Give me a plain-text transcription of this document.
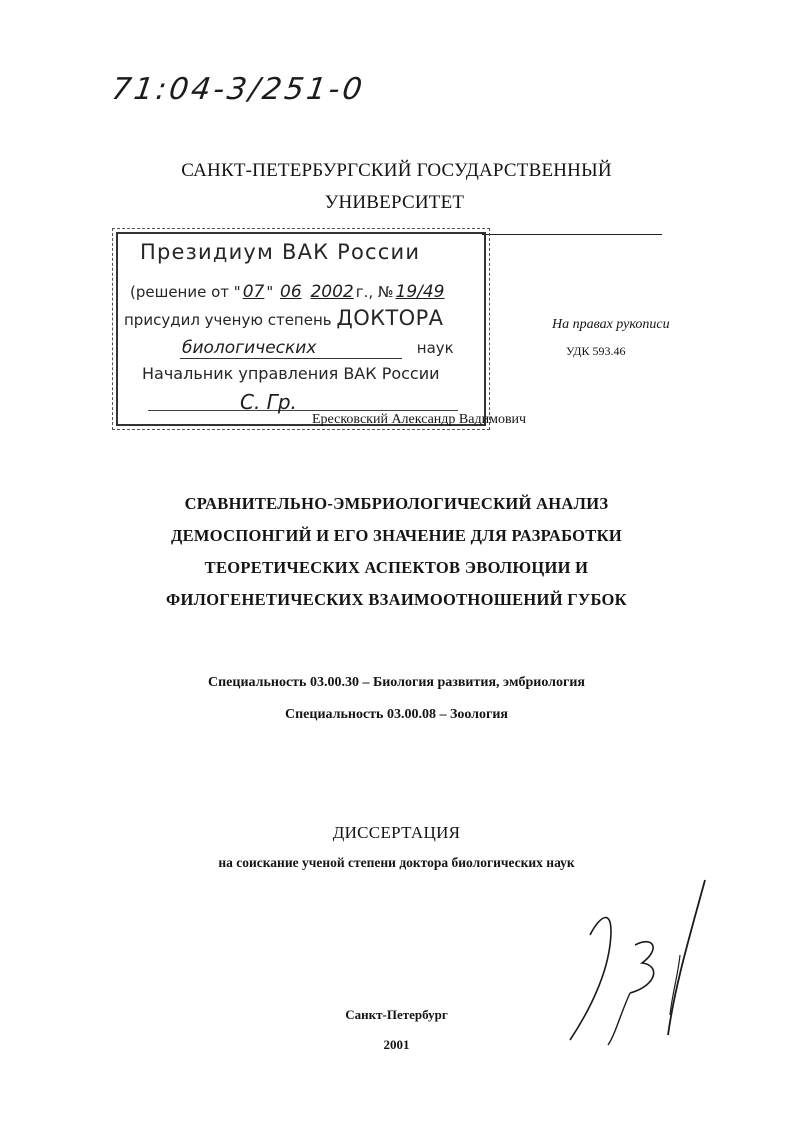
71:04-3/251-0
САНКТ-ПЕТЕРБУРГСКИЙ ГОСУДАРСТВЕННЫЙ
УНИВЕРСИТЕТ
Президиум ВАК России
(решение от " 07 " 06 2002 г., № 19/49
присудил ученую степень ДОКТОРА
биологических	наук
Начальник управления ВАК России
С. Гр.
На правах рукописи
УДК 593.46
Ересковский Александр Вадимович
СРАВНИТЕЛЬНО-ЭМБРИОЛОГИЧЕСКИЙ АНАЛИЗ
ДЕМОСПОНГИЙ И ЕГО ЗНАЧЕНИЕ ДЛЯ РАЗРАБОТКИ
ТЕОРЕТИЧЕСКИХ АСПЕКТОВ ЭВОЛЮЦИИ И
ФИЛОГЕНЕТИЧЕСКИХ ВЗАИМООТНОШЕНИЙ ГУБОК
Специальность 03.00.30 – Биология развития, эмбриология
Специальность 03.00.08 – Зоология
ДИССЕРТАЦИЯ
на соискание ученой степени доктора биологических наук
Санкт-Петербург
2001
